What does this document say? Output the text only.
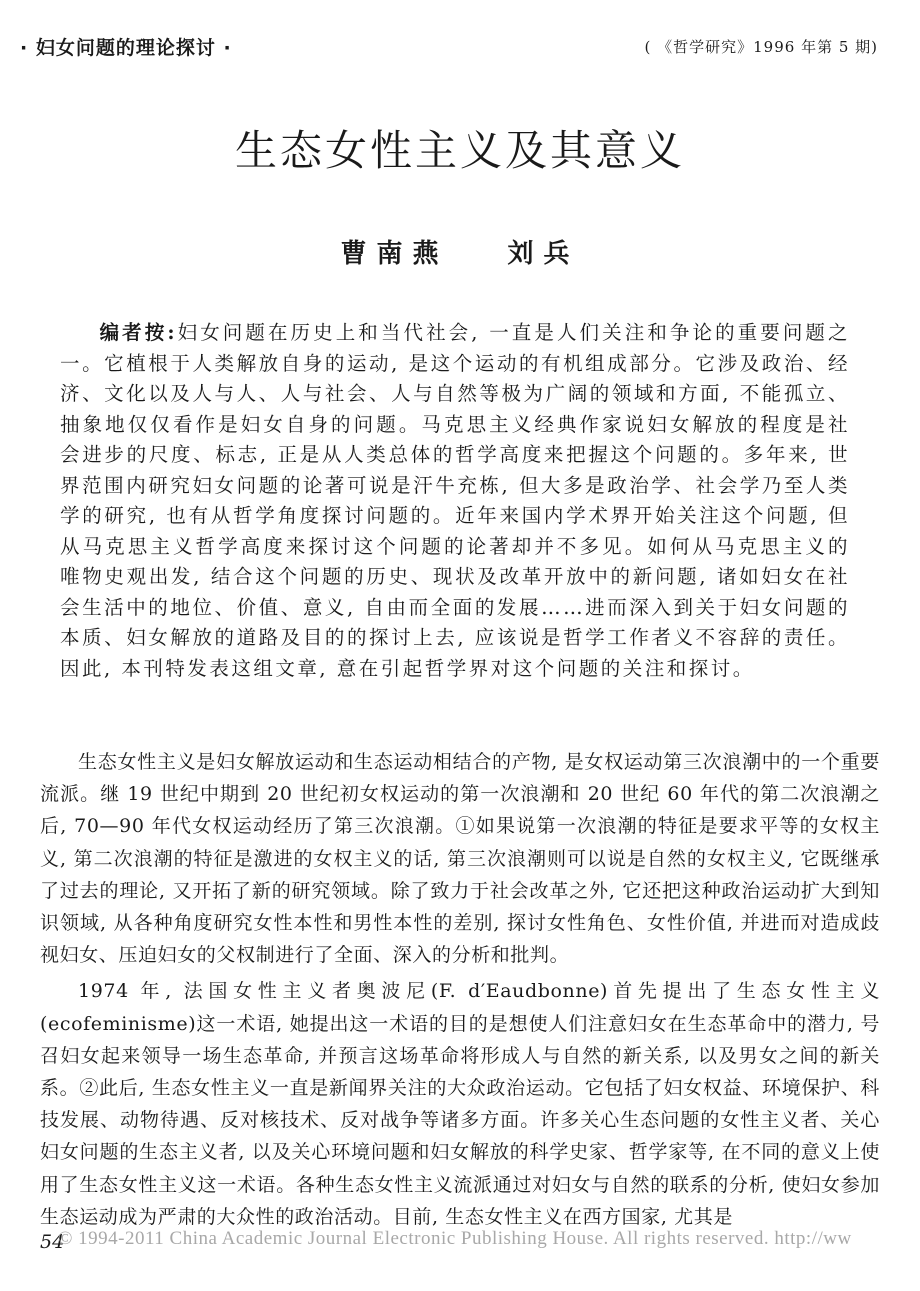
· 妇女问题的理论探讨 ·	( 《哲学研究》1996 年第 5 期)
生态女性主义及其意义
曹南燕 刘兵
编者按:妇女问题在历史上和当代社会, 一直是人们关注和争论的重要问题之一。它植根于人类解放自身的运动, 是这个运动的有机组成部分。它涉及政治、经济、文化以及人与人、人与社会、人与自然等极为广阔的领域和方面, 不能孤立、抽象地仅仅看作是妇女自身的问题。马克思主义经典作家说妇女解放的程度是社会进步的尺度、标志, 正是从人类总体的哲学高度来把握这个问题的。多年来, 世界范围内研究妇女问题的论著可说是汗牛充栋, 但大多是政治学、社会学乃至人类学的研究, 也有从哲学角度探讨问题的。近年来国内学术界开始关注这个问题, 但从马克思主义哲学高度来探讨这个问题的论著却并不多见。如何从马克思主义的唯物史观出发, 结合这个问题的历史、现状及改革开放中的新问题, 诸如妇女在社会生活中的地位、价值、意义, 自由而全面的发展……进而深入到关于妇女问题的本质、妇女解放的道路及目的的探讨上去, 应该说是哲学工作者义不容辞的责任。因此, 本刊特发表这组文章, 意在引起哲学界对这个问题的关注和探讨。

生态女性主义是妇女解放运动和生态运动相结合的产物, 是女权运动第三次浪潮中的一个重要流派。继 19 世纪中期到 20 世纪初女权运动的第一次浪潮和 20 世纪 60 年代的第二次浪潮之后, 70—90 年代女权运动经历了第三次浪潮。①如果说第一次浪潮的特征是要求平等的女权主义, 第二次浪潮的特征是激进的女权主义的话, 第三次浪潮则可以说是自然的女权主义, 它既继承了过去的理论, 又开拓了新的研究领域。除了致力于社会改革之外, 它还把这种政治运动扩大到知识领域, 从各种角度研究女性本性和男性本性的差别, 探讨女性角色、女性价值, 并进而对造成歧视妇女、压迫妇女的父权制进行了全面、深入的分析和批判。

1974 年, 法国女性主义者奥波尼(F. d′Eaudbonne)首先提出了生态女性主义(ecofeminisme)这一术语, 她提出这一术语的目的是想使人们注意妇女在生态革命中的潜力, 号召妇女起来领导一场生态革命, 并预言这场革命将形成人与自然的新关系, 以及男女之间的新关系。②此后, 生态女性主义一直是新闻界关注的大众政治运动。它包括了妇女权益、环境保护、科技发展、动物待遇、反对核技术、反对战争等诸多方面。许多关心生态问题的女性主义者、关心妇女问题的生态主义者, 以及关心环境问题和妇女解放的科学史家、哲学家等, 在不同的意义上使用了生态女性主义这一术语。各种生态女性主义流派通过对妇女与自然的联系的分析, 使妇女参加生态运动成为严肃的大众性的政治活动。目前, 生态女性主义在西方国家, 尤其是

54
© 1994-2011 China Academic Journal Electronic Publishing House. All rights reserved. http://ww
